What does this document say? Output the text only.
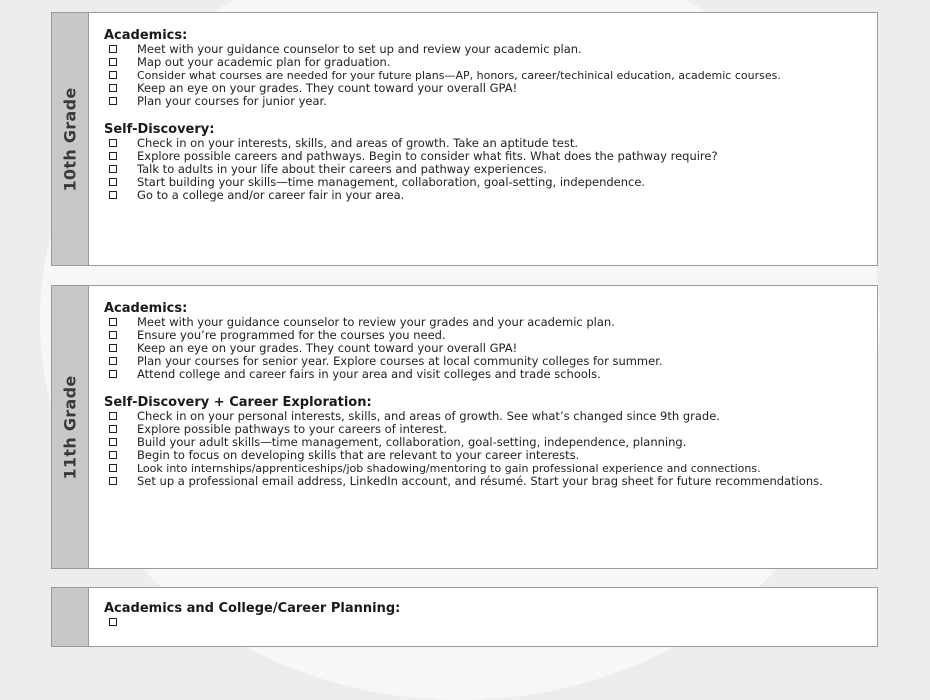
10th Grade
Academics:
Meet with your guidance counselor to set up and review your academic plan.
Map out your academic plan for graduation.
Consider what courses are needed for your future plans—AP, honors, career/techinical education, academic courses.
Keep an eye on your grades. They count toward your overall GPA!
Plan your courses for junior year.
Self-Discovery:
Check in on your interests, skills, and areas of growth. Take an aptitude test.
Explore possible careers and pathways. Begin to consider what fits. What does the pathway require?
Talk to adults in your life about their careers and pathway experiences.
Start building your skills—time management, collaboration, goal-setting, independence.
Go to a college and/or career fair in your area.
11th Grade
Academics:
Meet with your guidance counselor to review your grades and your academic plan.
Ensure you’re programmed for the courses you need.
Keep an eye on your grades. They count toward your overall GPA!
Plan your courses for senior year. Explore courses at local community colleges for summer.
Attend college and career fairs in your area and visit colleges and trade schools.
Self-Discovery + Career Exploration:
Check in on your personal interests, skills, and areas of growth. See what’s changed since 9th grade.
Explore possible pathways to your careers of interest.
Build your adult skills—time management, collaboration, goal-setting, independence, planning.
Begin to focus on developing skills that are relevant to your career interests.
Look into internships/apprenticeships/job shadowing/mentoring to gain professional experience and connections.
Set up a professional email address, LinkedIn account, and résumé. Start your brag sheet for future recommendations.
Academics and College/Career Planning:
